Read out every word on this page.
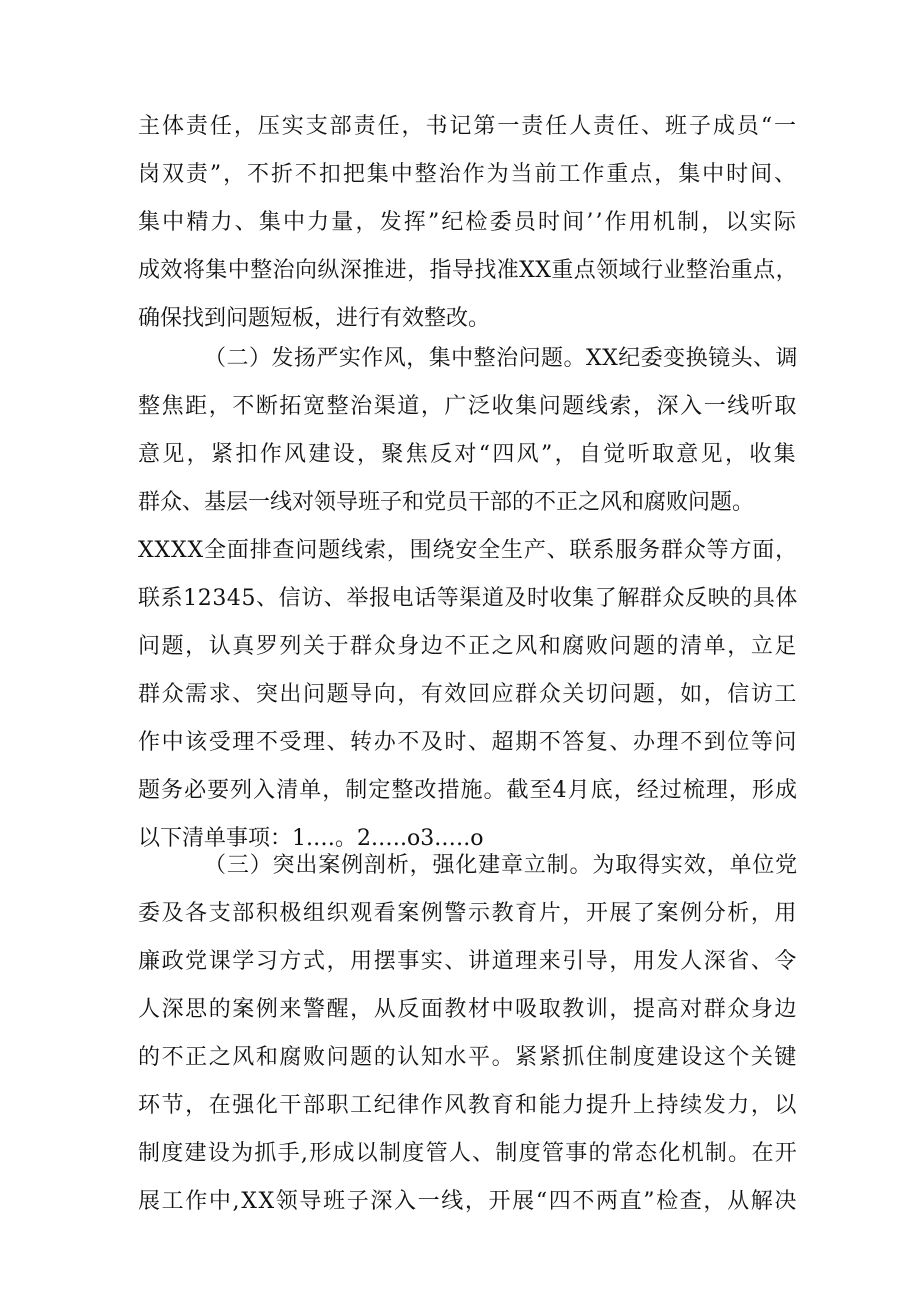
主体责任，压实支部责任，书记第一责任人责任、班子成员“一
岗双责”，不折不扣把集中整治作为当前工作重点，集中时间、
集中精力、集中力量，发挥”纪检委员时间’’作用机制，以实际
成效将集中整治向纵深推进，指导找准XX重点领域行业整治重点，
确保找到问题短板，进行有效整改。
（二）发扬严实作风，集中整治问题。XX纪委变换镜头、调
整焦距，不断拓宽整治渠道，广泛收集问题线索，深入一线听取
意见，紧扣作风建设，聚焦反对“四风”，自觉听取意见，收集
群众、基层一线对领导班子和党员干部的不正之风和腐败问题。
XXXX全面排查问题线索，围绕安全生产、联系服务群众等方面，
联系12345、信访、举报电话等渠道及时收集了解群众反映的具体
问题，认真罗列关于群众身边不正之风和腐败问题的清单，立足
群众需求、突出问题导向，有效回应群众关切问题，如，信访工
作中该受理不受理、转办不及时、超期不答复、办理不到位等问
题务必要列入清单，制定整改措施。截至4月底，经过梳理，形成
以下清单事项：1.…。2.….o3.….o
（三）突出案例剖析，强化建章立制。为取得实效，单位党
委及各支部积极组织观看案例警示教育片，开展了案例分析，用
廉政党课学习方式，用摆事实、讲道理来引导，用发人深省、令
人深思的案例来警醒，从反面教材中吸取教训，提高对群众身边
的不正之风和腐败问题的认知水平。紧紧抓住制度建设这个关键
环节，在强化干部职工纪律作风教育和能力提升上持续发力，以
制度建设为抓手,形成以制度管人、制度管事的常态化机制。在开
展工作中,XX领导班子深入一线，开展“四不两直”检查，从解决
